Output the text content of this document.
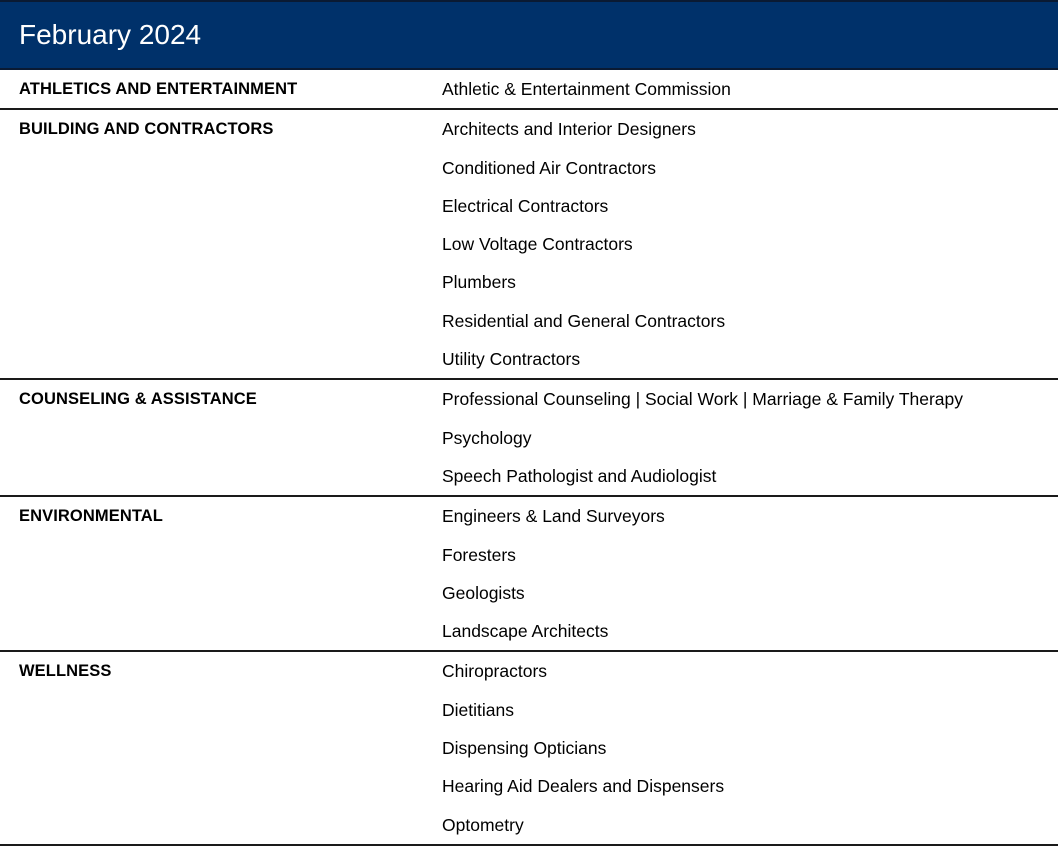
February 2024
ATHLETICS AND ENTERTAINMENT	Athletic & Entertainment Commission
BUILDING AND CONTRACTORS	Architects and Interior Designers
Conditioned Air Contractors
Electrical Contractors
Low Voltage Contractors
Plumbers
Residential and General Contractors
Utility Contractors
COUNSELING & ASSISTANCE	Professional Counseling | Social Work | Marriage & Family Therapy
Psychology
Speech Pathologist and Audiologist
ENVIRONMENTAL	Engineers & Land Surveyors
Foresters
Geologists
Landscape Architects
WELLNESS	Chiropractors
Dietitians
Dispensing Opticians
Hearing Aid Dealers and Dispensers
Optometry
